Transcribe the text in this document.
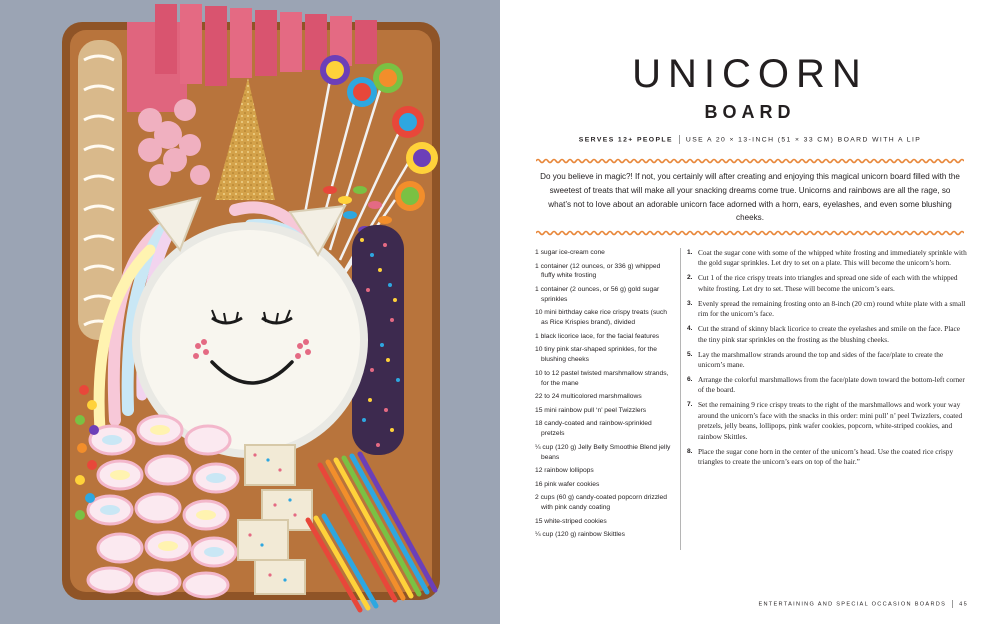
UNICORN
BOARD
SERVES 12+ PEOPLE USE A 20 × 13-INCH (51 × 33 CM) BOARD WITH A LIP

Do you believe in magic?! If not, you certainly will after creating and enjoying this magical unicorn board filled with the sweetest of treats that will make all your snacking dreams come true. Unicorns and rainbows are all the rage, so what’s not to love about an adorable unicorn face adorned with a horn, ears, eyelashes, and even some blushing cheeks.

1 sugar ice-cream cone
1 container (12 ounces, or 336 g) whipped fluffy white frosting
1 container (2 ounces, or 56 g) gold sugar sprinkles
10 mini birthday cake rice crispy treats (such as Rice Krispies brand), divided
1 black licorice lace, for the facial features
10 tiny pink star-shaped sprinkles, for the blushing cheeks
10 to 12 pastel twisted marshmallow strands, for the mane
22 to 24 multicolored marshmallows
15 mini rainbow pull ‘n’ peel Twizzlers
18 candy-coated and rainbow-sprinkled pretzels
¼ cup (120 g) Jelly Belly Smoothie Blend jelly beans
12 rainbow lollipops
16 pink wafer cookies
2 cups (60 g) candy-coated popcorn drizzled with pink candy coating
15 white-striped cookies
¼ cup (120 g) rainbow Skittles
1. Coat the sugar cone with some of the whipped white frosting and immediately sprinkle with the gold sugar sprinkles. Let dry to set on a plate. This will become the unicorn’s horn.
2. Cut 1 of the rice crispy treats into triangles and spread one side of each with the whipped white frosting. Let dry to set. These will become the unicorn’s ears.
3. Evenly spread the remaining frosting onto an 8-inch (20 cm) round white plate with a small rim for the unicorn’s face.
4. Cut the strand of skinny black licorice to create the eyelashes and smile on the face. Place the tiny pink star sprinkles on the frosting as the blushing cheeks.
5. Lay the marshmallow strands around the top and sides of the face/plate to create the unicorn’s mane.
6. Arrange the colorful marshmallows from the face/plate down toward the bottom-left corner of the board.
7. Set the remaining 9 rice crispy treats to the right of the marshmallows and work your way around the unicorn’s face with the snacks in this order: mini pull’ n’ peel Twizzlers, coated pretzels, jelly beans, lollipops, pink wafer cookies, popcorn, white-striped cookies, and rainbow Skittles.
8. Place the sugar cone horn in the center of the unicorn’s head. Use the coated rice crispy triangles to create the unicorn’s ears on top of the hair.”
ENTERTAINING AND SPECIAL OCCASION BOARDS 45
